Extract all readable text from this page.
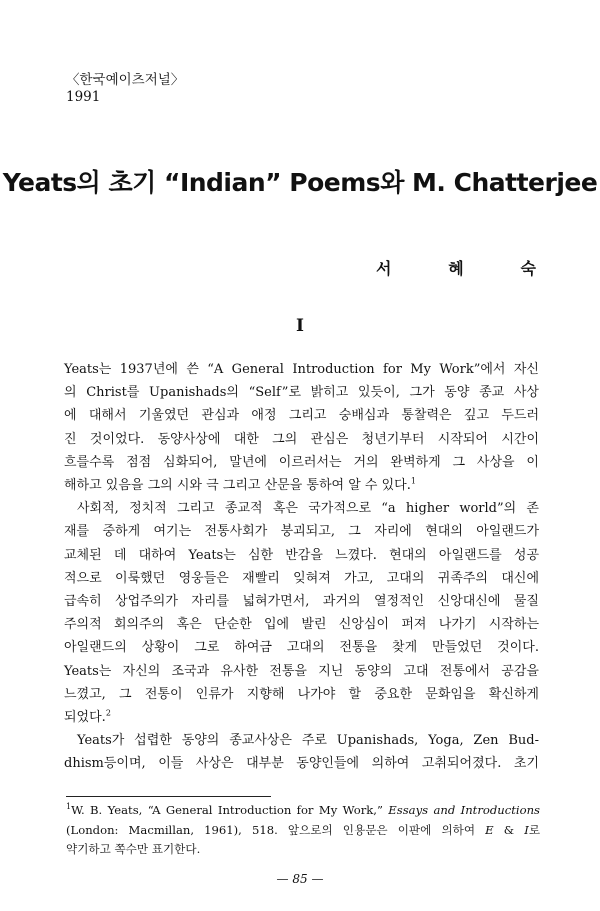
〈한국예이츠저널〉
1991
Yeats의 초기 “Indian” Poems와 M. Chatterjee
서	혜	숙
I

Yeats는 1937년에 쓴 “A General Introduction for My Work”에서 자신

의 Christ를 Upanishads의 “Self”로 밝히고 있듯이, 그가 동양 종교 사상

에 대해서 기울였던 관심과 애정 그리고 숭배심과 통찰력은 깊고 두드러

진 것이었다. 동양사상에 대한 그의 관심은 청년기부터 시작되어 시간이

흐를수록 점점 심화되어, 말년에 이르러서는 거의 완벽하게 그 사상을 이

해하고 있음을 그의 시와 극 그리고 산문을 통하여 알 수 있다.$^1$

사회적, 정치적 그리고 종교적 혹은 국가적으로 “a higher world”의 존

재를 중하게 여기는 전통사회가 붕괴되고, 그 자리에 현대의 아일랜드가

교체된 데 대하여 Yeats는 심한 반감을 느꼈다. 현대의 아일랜드를 성공

적으로 이룩했던 영웅들은 재빨리 잊혀져 가고, 고대의 귀족주의 대신에

급속히 상업주의가 자리를 넓혀가면서, 과거의 열정적인 신앙대신에 물질

주의적 회의주의 혹은 단순한 입에 발린 신앙심이 퍼져 나가기 시작하는

아일랜드의 상황이 그로 하여금 고대의 전통을 찾게 만들었던 것이다.

Yeats는 자신의 조국과 유사한 전통을 지닌 동양의 고대 전통에서 공감을

느꼈고, 그 전통이 인류가 지향해 나가야 할 중요한 문화임을 확신하게

되었다.$^2$

Yeats가 섭렵한 동양의 종교사상은 주로 Upanishads, Yoga, Zen Bud-

dhism등이며, 이들 사상은 대부분 동양인들에 의하여 고취되어졌다. 초기

$^1$W. B. Yeats, “A General Introduction for My Work,” Essays and Introductions

(London: Macmillan, 1961), 518. 앞으로의 인용문은 이판에 의하여 E & I로

약기하고 쪽수만 표기한다.

— 85 —
